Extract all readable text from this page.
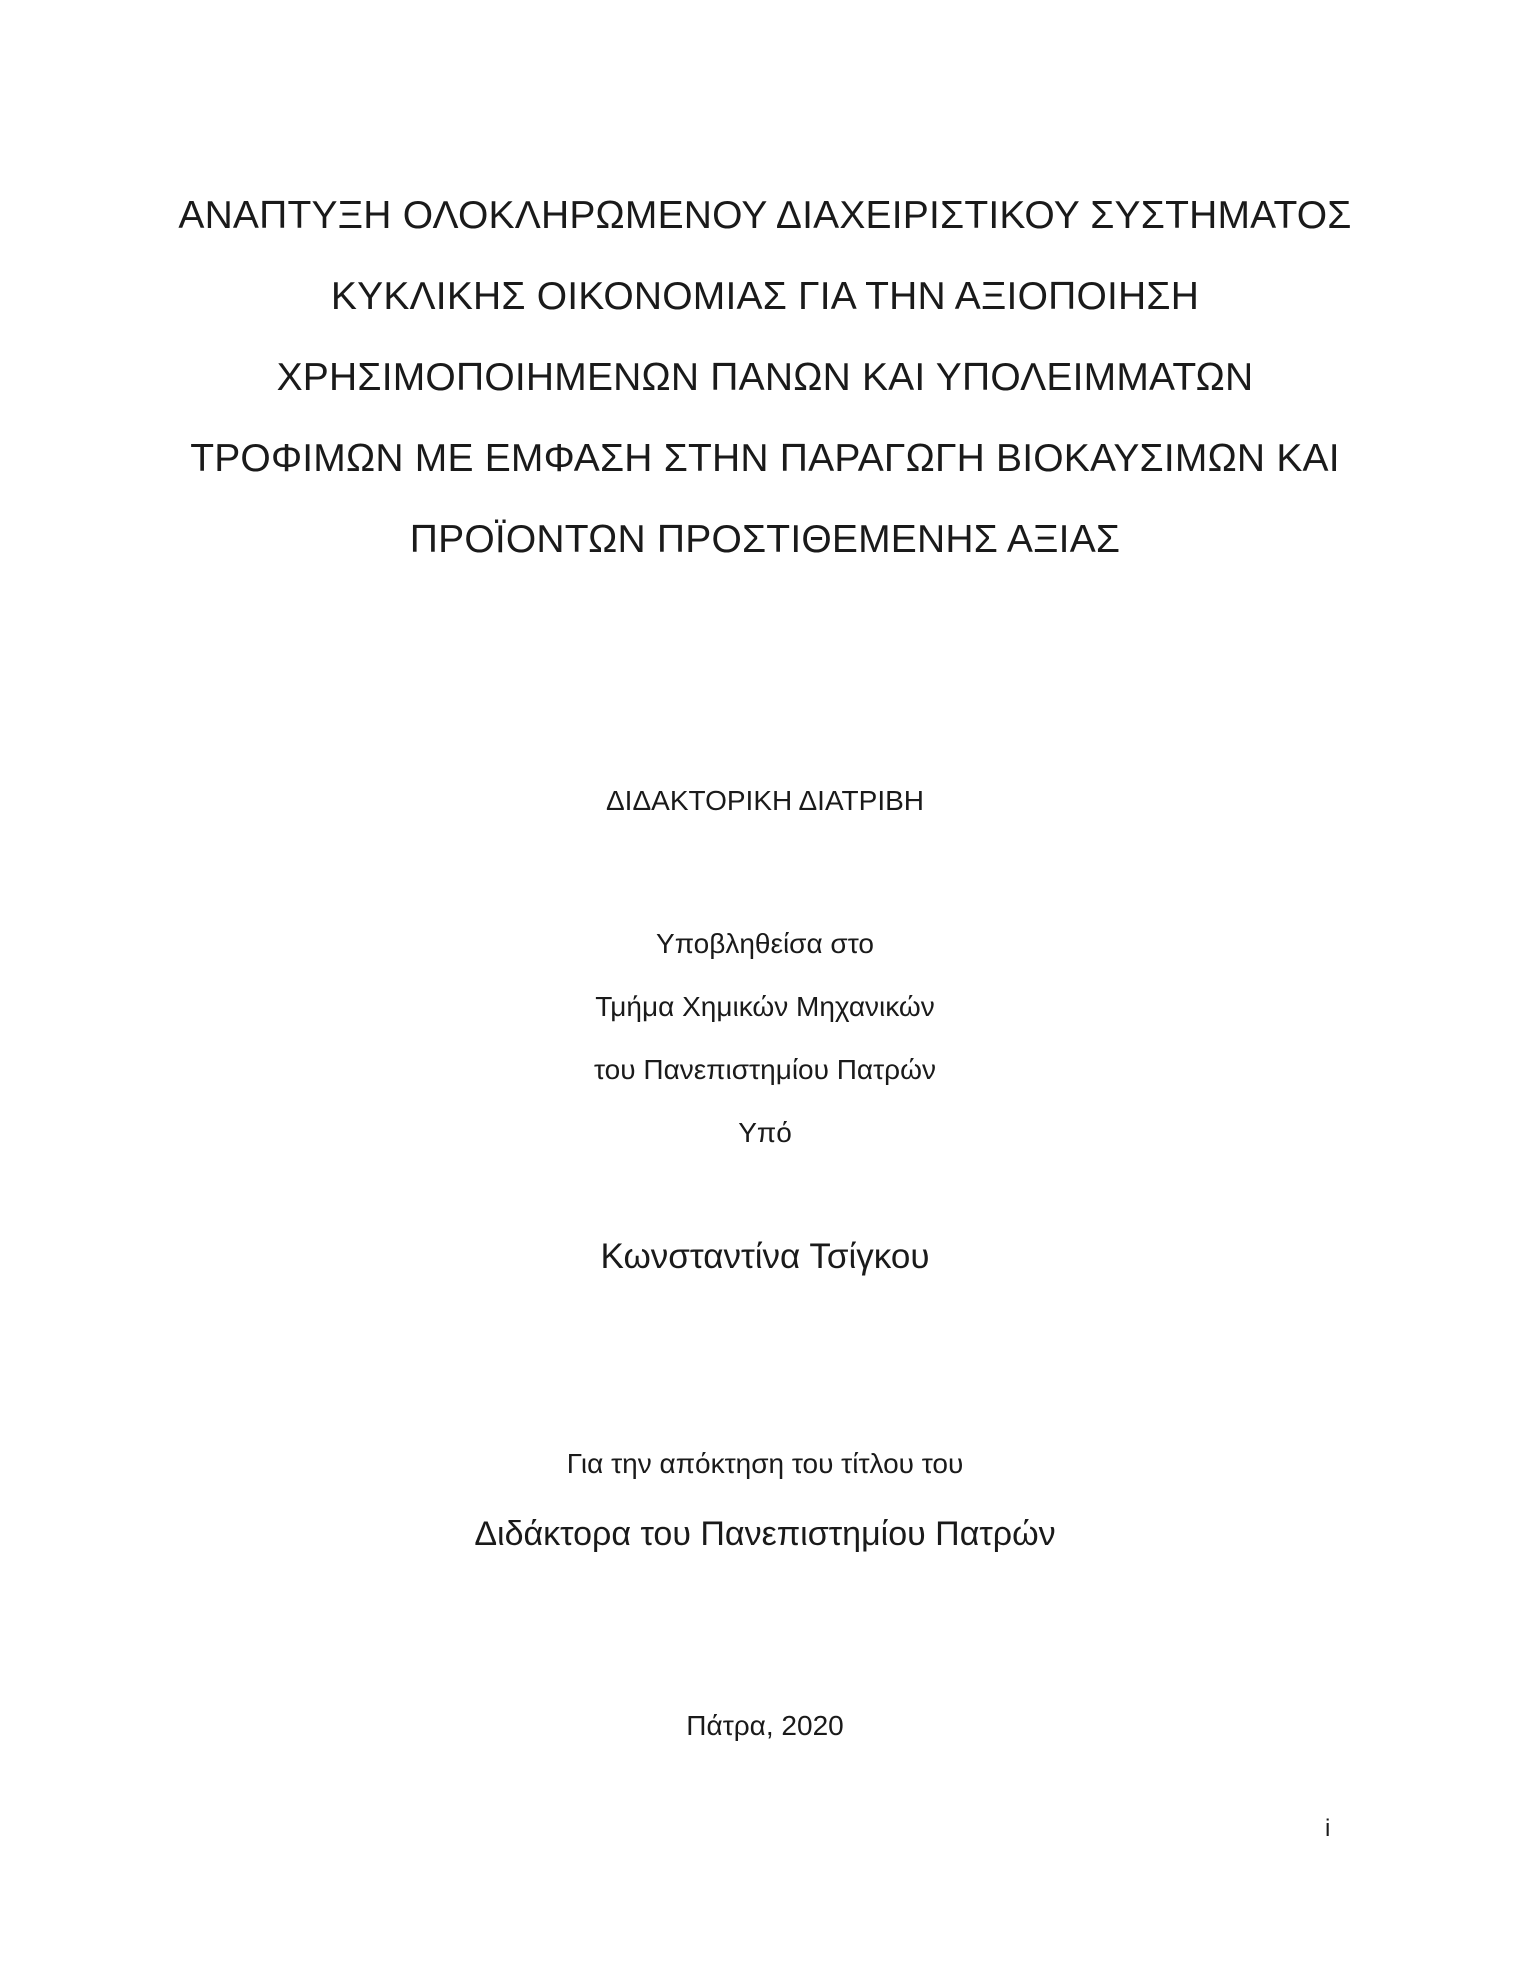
ΑΝΑΠΤΥΞΗ ΟΛΟΚΛΗΡΩΜΕΝΟΥ ΔΙΑΧΕΙΡΙΣΤΙΚΟΥ ΣΥΣΤΗΜΑΤΟΣ
ΚΥΚΛΙΚΗΣ ΟΙΚΟΝΟΜΙΑΣ ΓΙΑ ΤΗΝ ΑΞΙΟΠΟΙΗΣΗ
ΧΡΗΣΙΜΟΠΟΙΗΜΕΝΩΝ ΠΑΝΩΝ ΚΑΙ ΥΠΟΛΕΙΜΜΑΤΩΝ
ΤΡΟΦΙΜΩΝ ΜΕ ΕΜΦΑΣΗ ΣΤΗΝ ΠΑΡΑΓΩΓΗ ΒΙΟΚΑΥΣΙΜΩΝ ΚΑΙ
ΠΡΟΪΟΝΤΩΝ ΠΡΟΣΤΙΘΕΜΕΝΗΣ ΑΞΙΑΣ
ΔΙΔΑΚΤΟΡΙΚΗ ΔΙΑΤΡΙΒΗ
Υποβληθείσα στο
Τμήμα Χημικών Μηχανικών
του Πανεπιστημίου Πατρών
Υπό
Κωνσταντίνα Τσίγκου
Για την απόκτηση του τίτλου του
Διδάκτορα του Πανεπιστημίου Πατρών
Πάτρα, 2020
i
